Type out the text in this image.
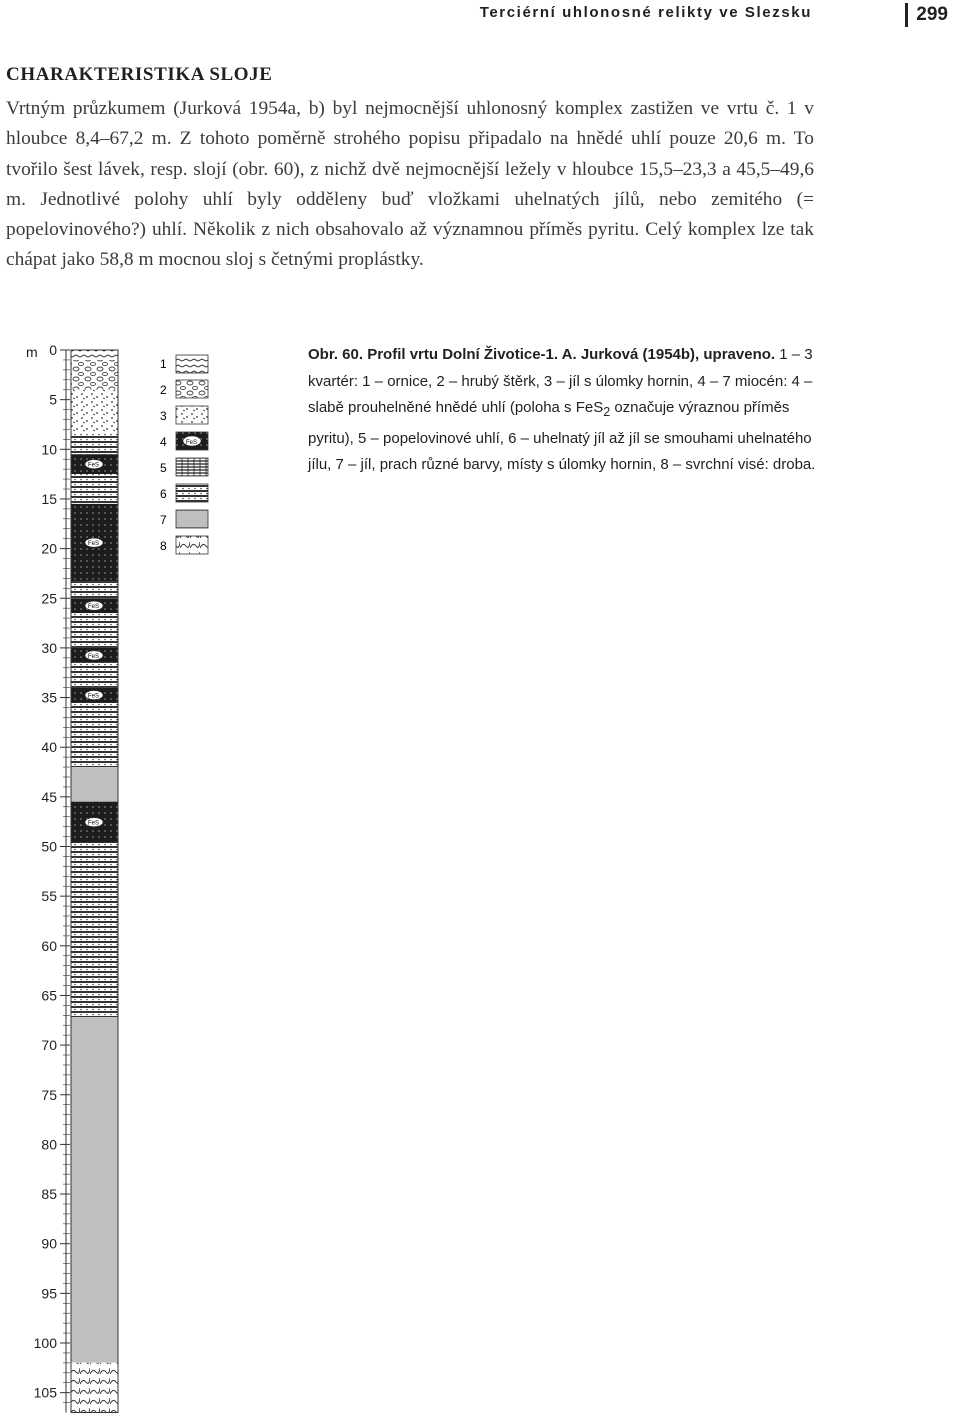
Terciérní uhlonosné relikty ve Slezsku	299
CHARAKTERISTIKA SLOJE
Vrtným průzkumem (Jurková 1954a, b) byl nejmocnější uhlonosný komplex zastižen ve vrtu č. 1 v hloubce 8,4–67,2 m. Z tohoto poměrně strohého popisu připadalo na hnědé uhlí pouze 20,6 m. To tvořilo šest lávek, resp. slojí (obr. 60), z nichž dvě nejmocnější ležely v hloubce 15,5–23,3 a 45,5–49,6 m. Jednotlivé polohy uhlí byly odděleny buď vložkami uhelnatých jílů, nebo zemitého (= popelovinového?) uhlí. Několik z nich obsahovalo až významnou příměs pyritu. Celý komplex lze tak chápat jako 58,8 m mocnou sloj s četnými proplástky.
m 0
5
10
15
20
25
30
35
40
45
50
55
60
65
70
75
80
85
90
95
100
105
FeS
FeS
FeS
FeS
FeS
FeS
1
2
3
4	FeS
5
6
7
8
Obr. 60. Profil vrtu Dolní Životice-1. A. Jurková (1954b), upraveno. 1 – 3 kvartér: 1 – ornice, 2 – hrubý štěrk, 3 – jíl s úlomky hornin, 4 – 7 miocén: 4 – slabě prouhelněné hnědé uhlí (poloha s FeS$_2$ označuje výraznou příměs pyritu), 5 – popelovinové uhlí, 6 – uhelnatý jíl až jíl se smouhami uhelnatého jílu, 7 – jíl, prach různé barvy, místy s úlomky hornin, 8 – svrchní visé: droba.
